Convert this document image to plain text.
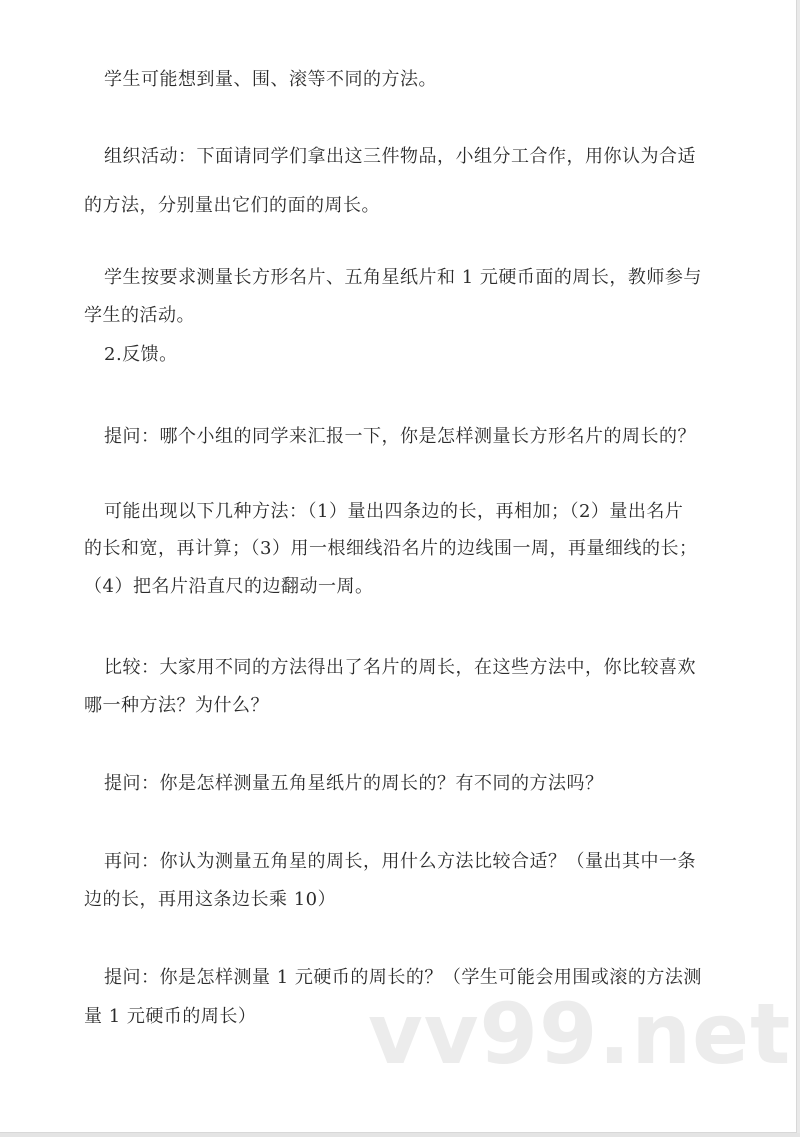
学生可能想到量、围、滚等不同的方法。
组织活动：下面请同学们拿出这三件物品，小组分工合作，用你认为合适
的方法，分别量出它们的面的周长。
学生按要求测量长方形名片、五角星纸片和 1 元硬币面的周长，教师参与
学生的活动。
2.反馈。
提问：哪个小组的同学来汇报一下，你是怎样测量长方形名片的周长的？
可能出现以下几种方法：（1）量出四条边的长，再相加；（2）量出名片
的长和宽，再计算；（3）用一根细线沿名片的边线围一周，再量细线的长；
（4）把名片沿直尺的边翻动一周。
比较：大家用不同的方法得出了名片的周长，在这些方法中，你比较喜欢
哪一种方法？为什么？
提问：你是怎样测量五角星纸片的周长的？有不同的方法吗？
再问：你认为测量五角星的周长，用什么方法比较合适？（量出其中一条
边的长，再用这条边长乘 10）
提问：你是怎样测量 1 元硬币的周长的？（学生可能会用围或滚的方法测
量 1 元硬币的周长）	vv99.net
